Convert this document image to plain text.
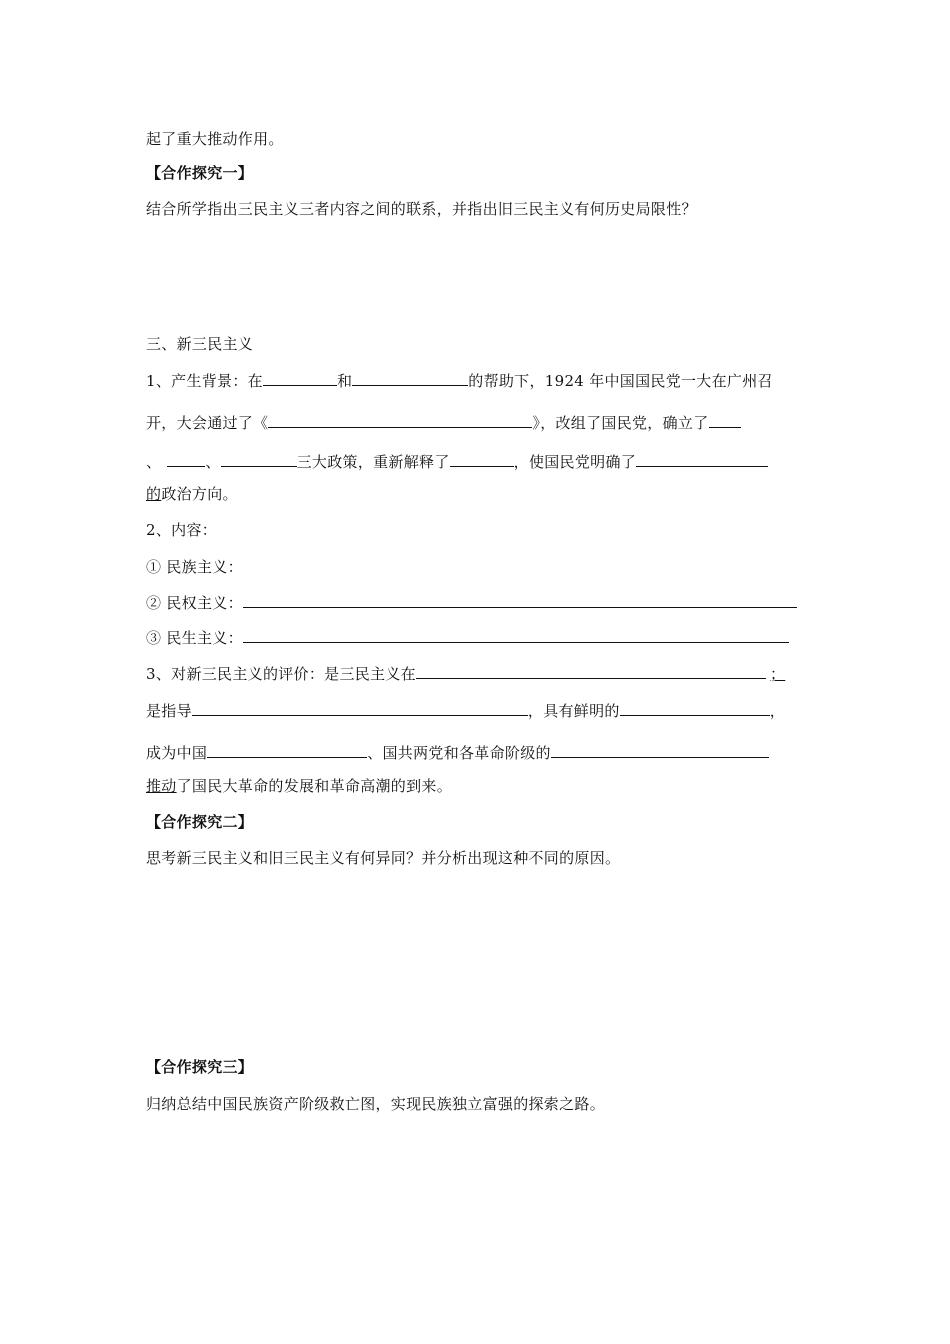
起了重大推动作用。
【合作探究一】
结合所学指出三民主义三者内容之间的联系，并指出旧三民主义有何历史局限性？
三、新三民主义
1、产生背景：在	和	的帮助下，1924 年中国国民党一大在广州召
开，大会通过了《	》，改组了国民党，确立了
、	、	三大政策，重新解释了	，使国民党明确了
的政治方向。
2、内容：
① 民族主义：
② 民权主义：
③ 民生主义：
3、对新三民主义的评价：是三民主义在	；
是指导	，具有鲜明的	，
成为中国	、国共两党和各革命阶级的
推动了国民大革命的发展和革命高潮的到来。
【合作探究二】
思考新三民主义和旧三民主义有何异同？并分析出现这种不同的原因。
【合作探究三】
归纳总结中国民族资产阶级救亡图，实现民族独立富强的探索之路。
